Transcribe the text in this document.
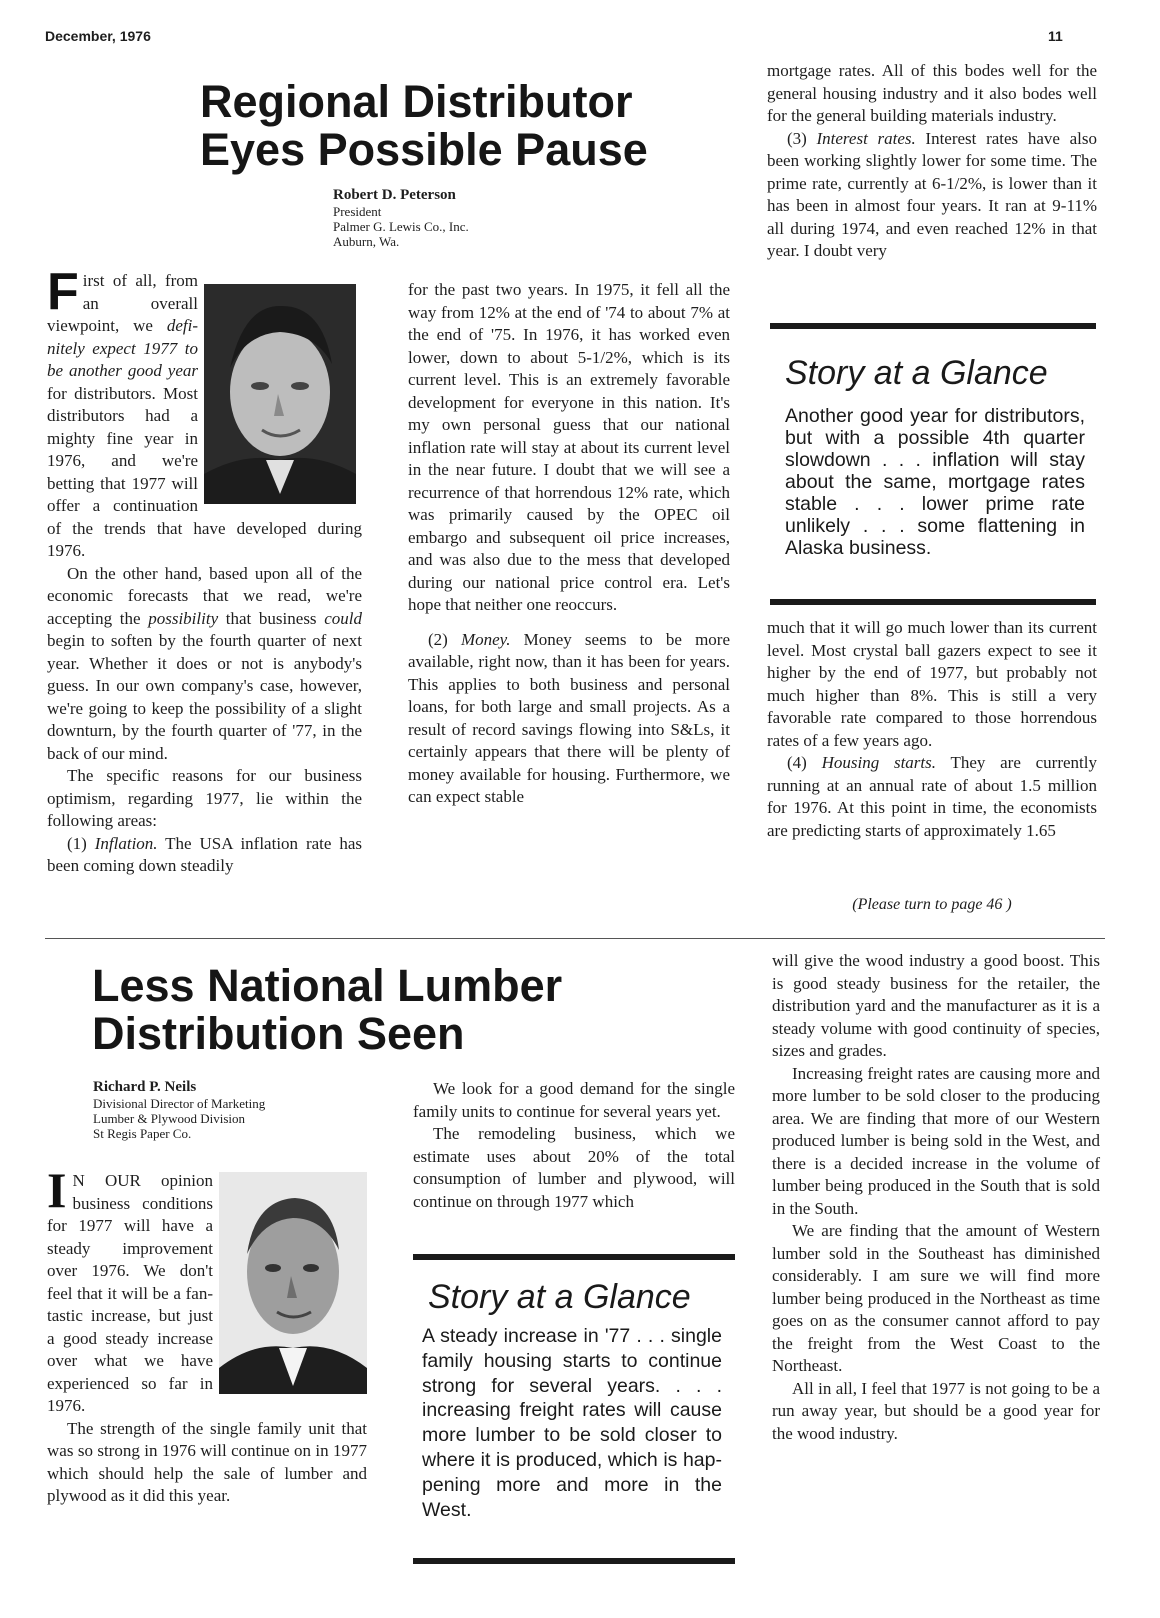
December, 1976	11
Regional Distributor
Eyes Possible Pause
Robert D. Peterson
President
Palmer G. Lewis Co., Inc.
Auburn, Wa.

First of all, from an overall viewpoint, we definitely expect 1977 to be another good year for distributors. Most distributors had a mighty fine year in 1976, and we're betting that 1977 will offer a continuation of the trends that have developed during 1976.

On the other hand, based upon all of the economic forecasts that we read, we're accepting the possibility that business could begin to soften by the fourth quarter of next year. Whether it does or not is anybody's guess. In our own company's case, however, we're going to keep the possibility of a slight downturn, by the fourth quarter of '77, in the back of our mind.

The specific reasons for our business optimism, regarding 1977, lie within the following areas:

(1) Inflation. The USA inflation rate has been coming down steadily

for the past two years. In 1975, it fell all the way from 12% at the end of '74 to about 7% at the end of '75. In 1976, it has worked even lower, down to about 5-1/2%, which is its current level. This is an extremely favorable development for everyone in this nation. It's my own personal guess that our national inflation rate will stay at about its current level in the near future. I doubt that we will see a recurrence of that horrendous 12% rate, which was primarily caused by the OPEC oil embargo and subsequent oil price increases, and was also due to the mess that developed during our national price control era. Let's hope that neither one reoccurs.

(2) Money. Money seems to be more available, right now, than it has been for years. This applies to both business and personal loans, for both large and small projects. As a result of record savings flowing into S&Ls, it certainly appears that there will be plenty of money available for housing. Furthermore, we can expect stable

mortgage rates. All of this bodes well for the general housing industry and it also bodes well for the general building materials industry.

(3) Interest rates. Interest rates have also been working slightly lower for some time. The prime rate, currently at 6-1/2%, is lower than it has been in almost four years. It ran at 9-11% all during 1974, and even reached 12% in that year. I doubt very

Story at a Glance
Another good year for distributors, but with a possible 4th quarter slowdown . . . inflation will stay about the same, mortgage rates stable . . . lower prime rate unlikely . . . some flattening in Alaska business.

much that it will go much lower than its current level. Most crystal ball gazers expect to see it higher by the end of 1977, but probably not much higher than 8%. This is still a very favorable rate compared to those horrendous rates of a few years ago.

(4) Housing starts. They are currently running at an annual rate of about 1.5 million for 1976. At this point in time, the economists are predicting starts of approximately 1.65

(Please turn to page 46 )
Less National Lumber
Distribution Seen
Richard P. Neils
Divisional Director of Marketing
Lumber & Plywood Division
St Regis Paper Co.

I N OUR opinion business conditions for 1977 will have a steady improvement over 1976. We don't feel that it will be a fantastic increase, but just a good steady increase over what we have experienced so far in 1976.

The strength of the single family unit that was so strong in 1976 will continue on in 1977 which should help the sale of lumber and plywood as it did this year.

We look for a good demand for the single family units to continue for several years yet.

The remodeling business, which we estimate uses about 20% of the total consumption of lumber and plywood, will continue on through 1977 which

Story at a Glance
A steady increase in '77 . . . single family housing starts to continue strong for several years. . . . increasing freight rates will cause more lumber to be sold closer to where it is produced, which is happening more and more in the West.

will give the wood industry a good boost. This is good steady business for the retailer, the distribution yard and the manufacturer as it is a steady volume with good continuity of species, sizes and grades.

Increasing freight rates are causing more and more lumber to be sold closer to the producing area. We are finding that more of our Western produced lumber is being sold in the West, and there is a decided increase in the volume of lumber being produced in the South that is sold in the South.

We are finding that the amount of Western lumber sold in the Southeast has diminished considerably. I am sure we will find more lumber being produced in the Northeast as time goes on as the consumer cannot afford to pay the freight from the West Coast to the Northeast.

All in all, I feel that 1977 is not going to be a run away year, but should be a good year for the wood industry.
